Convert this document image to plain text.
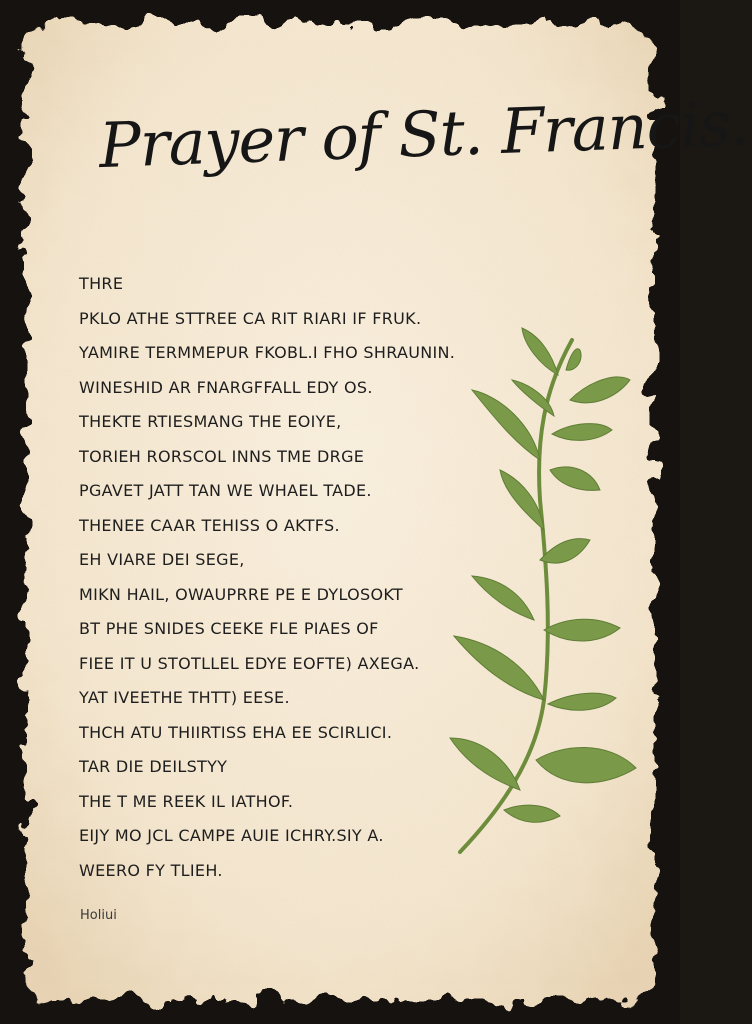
Prayer of St. Francis.
THRE
PKLO ATHE STTREE CA RIT RIARI IF FRUK.
YAMIRE TERMMEPUR FKOBL.I FHO SHRAUNIN.
WINESHID AR FNARGFFALL EDY OS.
THEKTE RTIESMANG THE EOIYE,
TORIEH RORSCOL INNS TME DRGE
PGAVET JATT TAN WE WHAEL TADE.
THENEE CAAR TEHISS O AKTFS.
EH VIARE DEI SEGE,
MIKN HAIL, OWAUPRRE PE E DYLOSOKT
BT PHE SNIDES CEEKE FLE PIAES OF
FIEE IT U STOTLLEL EDYE EOFTE) AXEGA.
YAT IVEETHE THTT) EESE.
THCH ATU THIIRTISS EHA EE SCIRLICI.
TAR DIE DEILSTYY
THE T ME REEK IL IATHOF.
EIJY MO JCL CAMPE AUIE ICHRY.SIY A.
WEERO FY TLIEH.
Holiui
